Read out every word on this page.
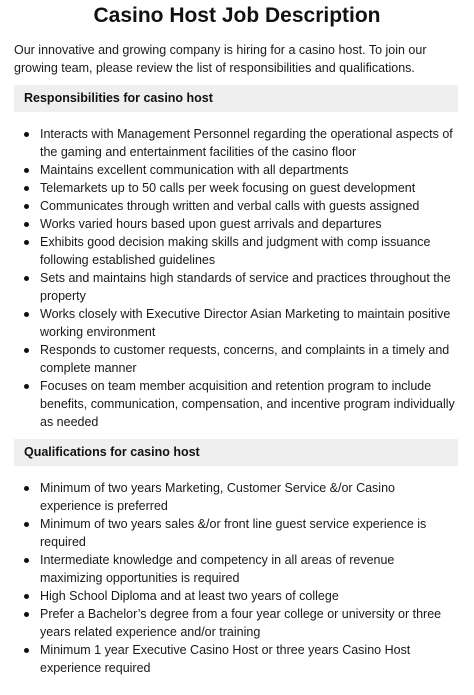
Casino Host Job Description
Our innovative and growing company is hiring for a casino host. To join our growing team, please review the list of responsibilities and qualifications.
Responsibilities for casino host
Interacts with Management Personnel regarding the operational aspects of the gaming and entertainment facilities of the casino floor
Maintains excellent communication with all departments
Telemarkets up to 50 calls per week focusing on guest development
Communicates through written and verbal calls with guests assigned
Works varied hours based upon guest arrivals and departures
Exhibits good decision making skills and judgment with comp issuance following established guidelines
Sets and maintains high standards of service and practices throughout the property
Works closely with Executive Director Asian Marketing to maintain positive working environment
Responds to customer requests, concerns, and complaints in a timely and complete manner
Focuses on team member acquisition and retention program to include benefits, communication, compensation, and incentive program individually as needed
Qualifications for casino host
Minimum of two years Marketing, Customer Service &/or Casino experience is preferred
Minimum of two years sales &/or front line guest service experience is required
Intermediate knowledge and competency in all areas of revenue maximizing opportunities is required
High School Diploma and at least two years of college
Prefer a Bachelor’s degree from a four year college or university or three years related experience and/or training
Minimum 1 year Executive Casino Host or three years Casino Host experience required
